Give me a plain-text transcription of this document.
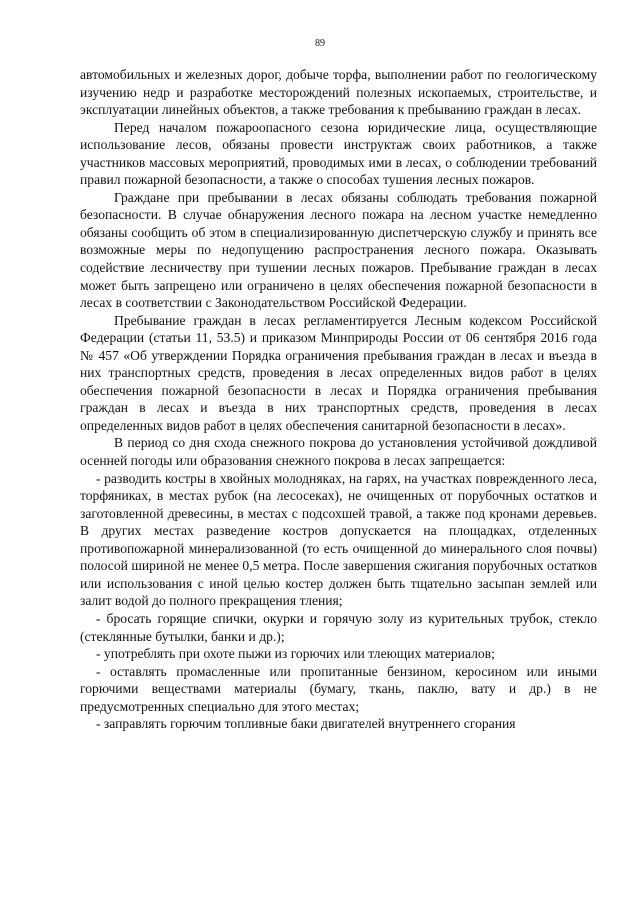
89

автомобильных и железных дорог, добыче торфа, выполнении работ по геологическому изучению недр и разработке месторождений полезных ископаемых, строительстве, и эксплуатации линейных объектов, а также требования к пребыванию граждан в лесах.

Перед началом пожароопасного сезона юридические лица, осуществляющие использование лесов, обязаны провести инструктаж своих работников, а также участников массовых мероприятий, проводимых ими в лесах, о соблюдении требований правил пожарной безопасности, а также о способах тушения лесных пожаров.

Граждане при пребывании в лесах обязаны соблюдать требования пожарной безопасности. В случае обнаружения лесного пожара на лесном участке немедленно обязаны сообщить об этом в специализированную диспетчерскую службу и принять все возможные меры по недопущению распространения лесного пожара. Оказывать содействие лесничеству при тушении лесных пожаров. Пребывание граждан в лесах может быть запрещено или ограничено в целях обеспечения пожарной безопасности в лесах в соответствии с Законодательством Российской Федерации.

Пребывание граждан в лесах регламентируется Лесным кодексом Российской Федерации (статьи 11, 53.5) и приказом Минприроды России от 06 сентября 2016 года № 457 «Об утверждении Порядка ограничения пребывания граждан в лесах и въезда в них транспортных средств, проведения в лесах определенных видов работ в целях обеспечения пожарной безопасности в лесах и Порядка ограничения пребывания граждан в лесах и въезда в них транспортных средств, проведения в лесах определенных видов работ в целях обеспечения санитарной безопасности в лесах».

В период со дня схода снежного покрова до установления устойчивой дождливой осенней погоды или образования снежного покрова в лесах запрещается:

- разводить костры в хвойных молодняках, на гарях, на участках поврежденного леса, торфяниках, в местах рубок (на лесосеках), не очищенных от порубочных остатков и заготовленной древесины, в местах с подсохшей травой, а также под кронами деревьев. В других местах разведение костров допускается на площадках, отделенных противопожарной минерализованной (то есть очищенной до минерального слоя почвы) полосой шириной не менее 0,5 метра. После завершения сжигания порубочных остатков или использования с иной целью костер должен быть тщательно засыпан землей или залит водой до полного прекращения тления;

- бросать горящие спички, окурки и горячую золу из курительных трубок, стекло (стеклянные бутылки, банки и др.);

- употреблять при охоте пыжи из горючих или тлеющих материалов;

- оставлять промасленные или пропитанные бензином, керосином или иными горючими веществами материалы (бумагу, ткань, паклю, вату и др.) в не предусмотренных специально для этого местах;

- заправлять горючим топливные баки двигателей внутреннего сгорания
